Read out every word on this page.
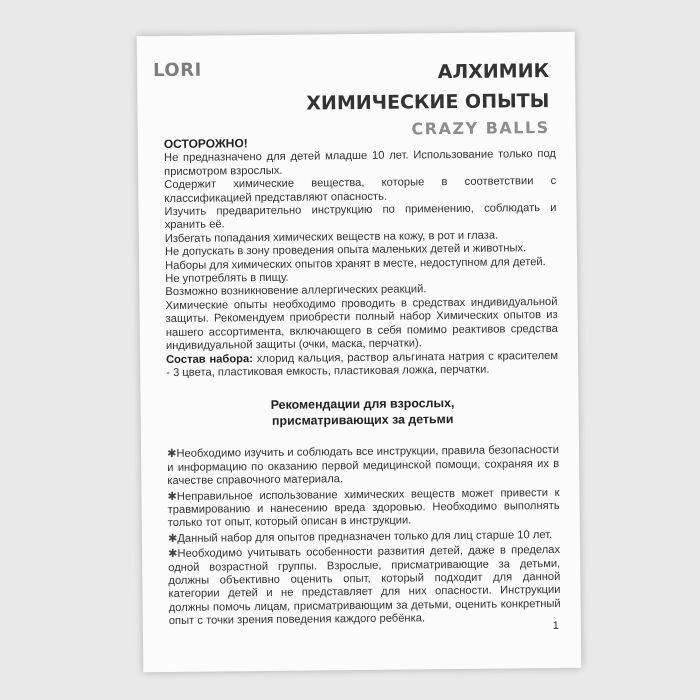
LORI	АЛХИМИК
ХИМИЧЕСКИЕ ОПЫТЫ
CRAZY BALLS
ОСТОРОЖНО!

Не предназначено для детей младше 10 лет. Использование только под присмотром взрослых.

Содержит химические вещества, которые в соответствии с классификацией представляют опасность.

Изучить предварительно инструкцию по применению, соблюдать и хранить её.

Избегать попадания химических веществ на кожу, в рот и глаза.

Не допускать в зону проведения опыта маленьких детей и животных.

Наборы для химических опытов хранят в месте, недоступном для детей.

Не употреблять в пищу.

Возможно возникновение аллергических реакций.

Химические опыты необходимо проводить в средствах индивидуальной защиты. Рекомендуем приобрести полный набор Химических опытов из нашего ассортимента, включающего в себя помимо реактивов средства индивидуальной защиты (очки, маска, перчатки).

Состав набора: хлорид кальция, раствор альгината натрия с красителем - 3 цвета, пластиковая емкость, пластиковая ложка, перчатки.

Рекомендации для взрослых,
присматривающих за детьми

✱Необходимо изучить и соблюдать все инструкции, правила безопасности и информацию по оказанию первой медицинской помощи, сохраняя их в качестве справочного материала.

✱Неправильное использование химических веществ может привести к травмированию и нанесению вреда здоровью. Необходимо выполнять только тот опыт, который описан в инструкции.

✱Данный набор для опытов предназначен только для лиц старше 10 лет.

✱Необходимо учитывать особенности развития детей, даже в пределах одной возрастной группы. Взрослые, присматривающие за детьми, должны объективно оценить опыт, который подходит для данной категории детей и не представляет для них опасности. Инструкции должны помочь лицам, присматривающим за детьми, оценить конкретный опыт с точки зрения поведения каждого ребёнка.	1
